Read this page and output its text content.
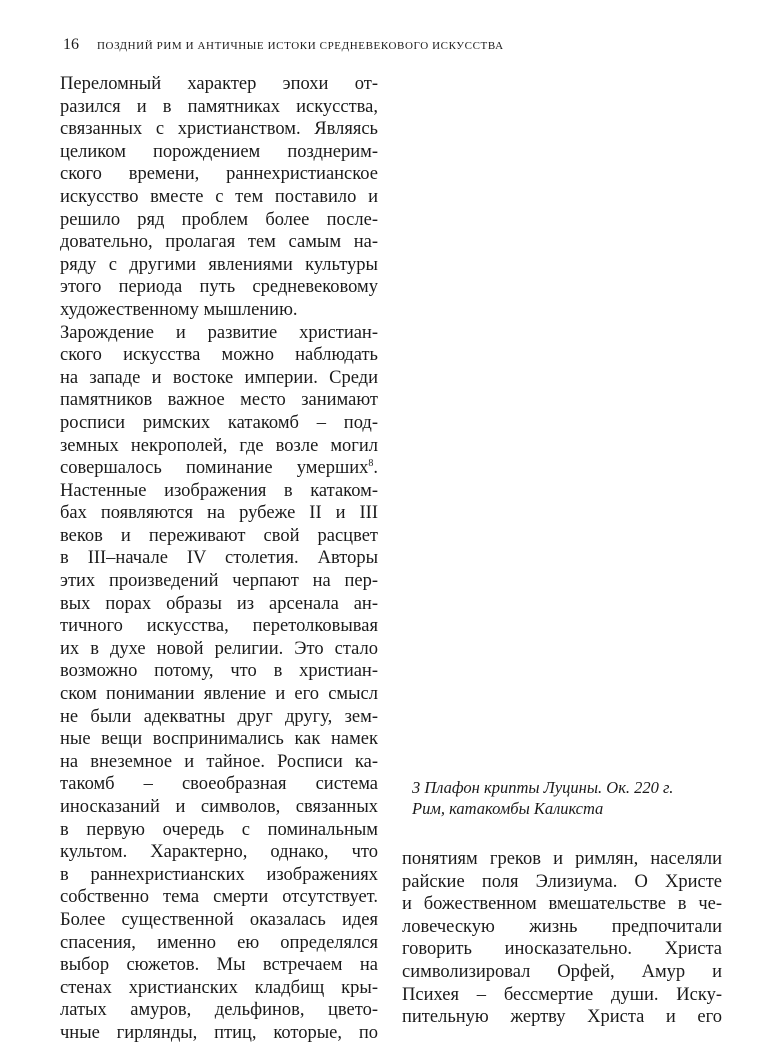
16 ПОЗДНИЙ РИМ И АНТИЧНЫЕ ИСТОКИ СРЕДНЕВЕКОВОГО ИСКУССТВА
Переломный характер эпохи от-
разился и в памятниках искусства,
связанных с христианством. Являясь
целиком порождением позднерим-
ского времени, раннехристианское
искусство вместе с тем поставило и
решило ряд проблем более после-
довательно, пролагая тем самым на-
ряду с другими явлениями культуры
этого периода путь средневековому
художественному мышлению.
Зарождение и развитие христиан-
ского искусства можно наблюдать
на западе и востоке империи. Среди
памятников важное место занимают
росписи римских катакомб – под-
земных некрополей, где возле могил
совершалось поминание умерших$^8$.
Настенные изображения в катаком-
бах появляются на рубеже II и III
веков и переживают свой расцвет
в III–начале IV столетия. Авторы
этих произведений черпают на пер-
вых порах образы из арсенала ан-
тичного искусства, перетолковывая
их в духе новой религии. Это стало
возможно потому, что в христиан-
ском понимании явление и его смысл
не были адекватны друг другу, зем-
ные вещи воспринимались как намек
на внеземное и тайное. Росписи ка-
такомб – своеобразная система
иносказаний и символов, связанных
в первую очередь с поминальным
культом. Характерно, однако, что
в раннехристианских изображениях
собственно тема смерти отсутствует.
Более существенной оказалась идея
спасения, именно ею определялся
выбор сюжетов. Мы встречаем на
стенах христианских кладбищ кры-
латых амуров, дельфинов, цвето-
чные гирлянды, птиц, которые, по
3 Плафон крипты Луцины. Ок. 220 г.
Рим, катакомбы Каликста
понятиям греков и римлян, населяли
райские поля Элизиума. О Христе
и божественном вмешательстве в че-
ловеческую жизнь предпочитали
говорить иносказательно. Христа
символизировал Орфей, Амур и
Психея – бессмертие души. Иску-
пительную жертву Христа и его
